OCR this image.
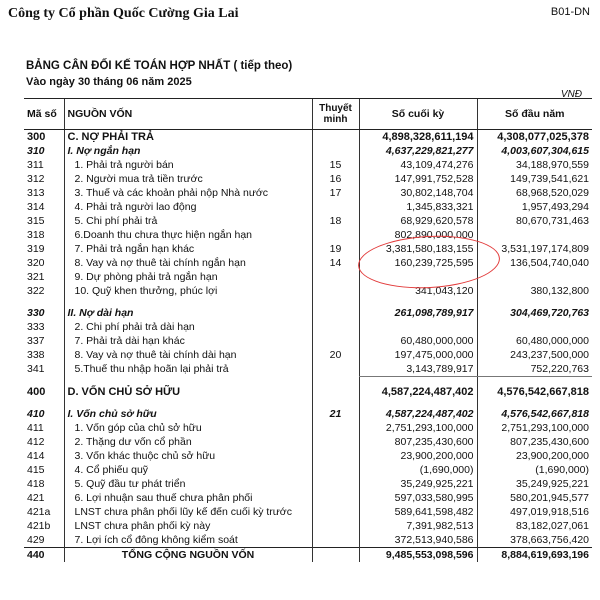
Công ty Cổ phần Quốc Cường Gia Lai	B01-DN
BẢNG CÂN ĐỐI KẾ TOÁN HỢP NHẤT ( tiếp theo)
Vào ngày 30 tháng 06 năm 2025
VNĐ
Mã số	NGUỒN VỐN	Thuyết minh	Số cuối kỳ	Số đầu năm
300	C. NỢ PHẢI TRẢ		4,898,328,611,194	4,308,077,025,378
310	I. Nợ ngắn hạn		4,637,229,821,277	4,003,607,304,615
311	1. Phải trả người bán	15	43,109,474,276	34,188,970,559
312	2. Người mua trả tiền trước	16	147,991,752,528	149,739,541,621
313	3. Thuế và các khoản phải nộp Nhà nước	17	30,802,148,704	68,968,520,029
314	4. Phải trả người lao động		1,345,833,321	1,957,493,294
315	5. Chi phí phải trả	18	68,929,620,578	80,670,731,463
318	6.Doanh thu chưa thực hiện ngắn hạn		802,890,000,000	
319	7. Phải trả ngắn hạn khác	19	3,381,580,183,155	3,531,197,174,809
320	8. Vay và nợ thuê tài chính ngắn hạn	14	160,239,725,595	136,504,740,040
321	9. Dự phòng phải trả ngắn hạn			
322	10. Quỹ khen thưởng, phúc lợi		341,043,120	380,132,800

330	II. Nợ dài hạn		261,098,789,917	304,469,720,763
333	2. Chi phí phải trả dài hạn			
337	7. Phải trả dài hạn khác		60,480,000,000	60,480,000,000
338	8. Vay và nợ thuê tài chính dài hạn	20	197,475,000,000	243,237,500,000
341	5.Thuế thu nhập hoãn lại phải trả		3,143,789,917	752,220,763

400	D. VỐN CHỦ SỞ HỮU		4,587,224,487,402	4,576,542,667,818

410	I. Vốn chủ sở hữu	21	4,587,224,487,402	4,576,542,667,818
411	1. Vốn góp của chủ sở hữu		2,751,293,100,000	2,751,293,100,000
412	2. Thặng dư vốn cổ phần		807,235,430,600	807,235,430,600
414	3. Vốn khác thuộc chủ sở hữu		23,900,200,000	23,900,200,000
415	4. Cổ phiếu quỹ		(1,690,000)	(1,690,000)
418	5. Quỹ đầu tư phát triển		35,249,925,221	35,249,925,221
421	6. Lợi nhuận sau thuế chưa phân phối		597,033,580,995	580,201,945,577
421a	LNST chưa phân phối lũy kế đến cuối kỳ trước		589,641,598,482	497,019,918,516
421b	LNST chưa phân phối kỳ này		7,391,982,513	83,182,027,061
429	7. Lợi ích cổ đông không kiểm soát		372,513,940,586	378,663,756,420
440	TỔNG CỘNG NGUỒN VỐN		9,485,553,098,596	8,884,619,693,196
